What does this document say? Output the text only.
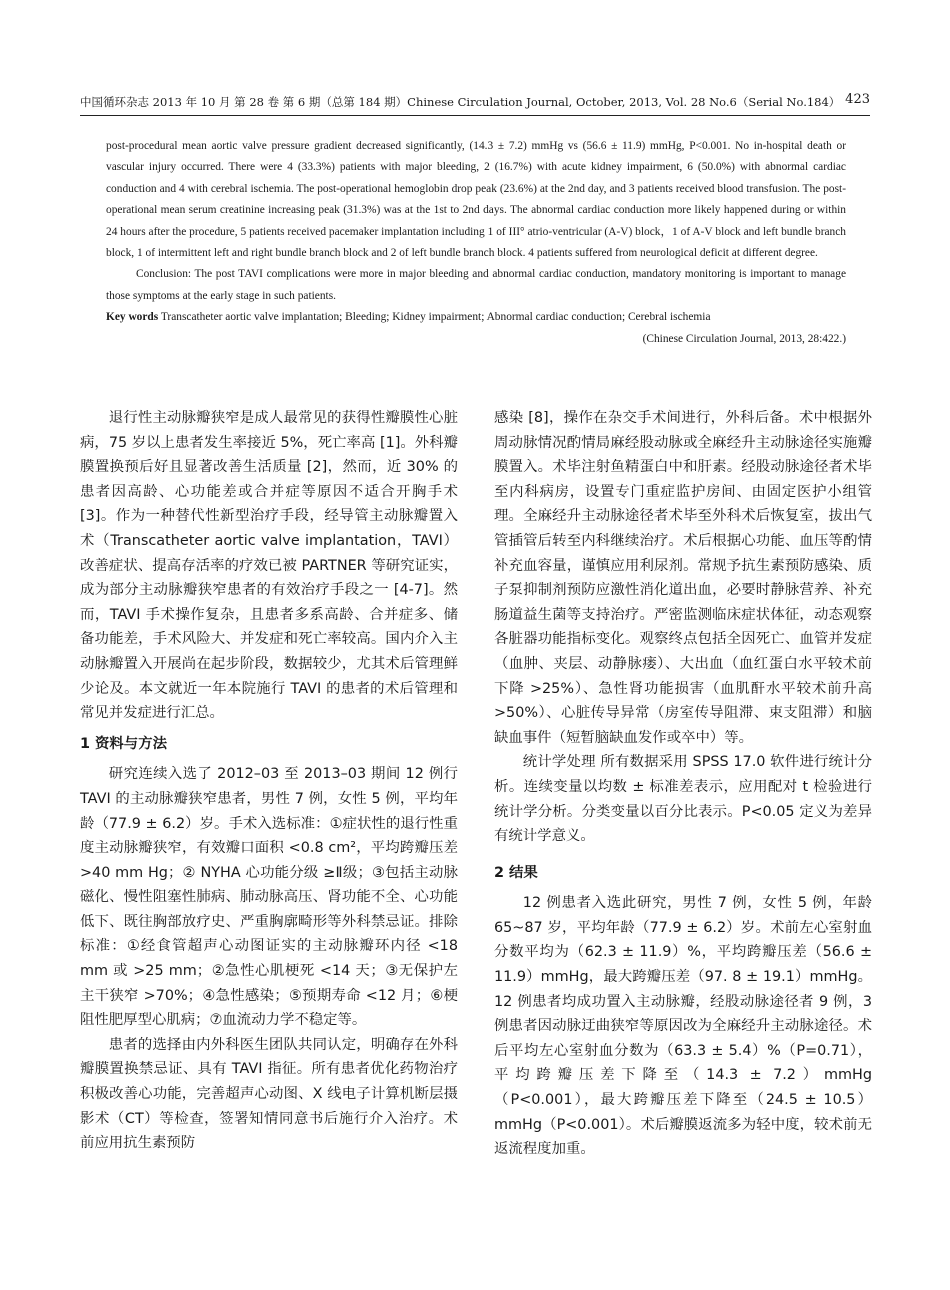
中国循环杂志 2013 年 10 月 第 28 卷 第 6 期（总第 184 期）Chinese Circulation Journal, October, 2013, Vol. 28 No.6（Serial No.184） 423

post-procedural mean aortic valve pressure gradient decreased significantly, (14.3 ± 7.2) mmHg vs (56.6 ± 11.9) mmHg, P<0.001. No in-hospital death or vascular injury occurred. There were 4 (33.3%) patients with major bleeding, 2 (16.7%) with acute kidney impairment, 6 (50.0%) with abnormal cardiac conduction and 4 with cerebral ischemia. The post-operational hemoglobin drop peak (23.6%) at the 2nd day, and 3 patients received blood transfusion. The post-operational mean serum creatinine increasing peak (31.3%) was at the 1st to 2nd days. The abnormal cardiac conduction more likely happened during or within 24 hours after the procedure, 5 patients received pacemaker implantation including 1 of III° atrio-ventricular (A-V) block，1 of A-V block and left bundle branch block, 1 of intermittent left and right bundle branch block and 2 of left bundle branch block. 4 patients suffered from neurological deficit at different degree.

Conclusion: The post TAVI complications were more in major bleeding and abnormal cardiac conduction, mandatory monitoring is important to manage those symptoms at the early stage in such patients.

Key words Transcatheter aortic valve implantation; Bleeding; Kidney impairment; Abnormal cardiac conduction; Cerebral ischemia

(Chinese Circulation Journal, 2013, 28:422.)

退行性主动脉瓣狭窄是成人最常见的获得性瓣膜性心脏病，75 岁以上患者发生率接近 5%，死亡率高 [1]。外科瓣膜置换预后好且显著改善生活质量 [2]，然而，近 30% 的患者因高龄、心功能差或合并症等原因不适合开胸手术 [3]。作为一种替代性新型治疗手段，经导管主动脉瓣置入术（Transcatheter aortic valve implantation，TAVI）改善症状、提高存活率的疗效已被 PARTNER 等研究证实，成为部分主动脉瓣狭窄患者的有效治疗手段之一 [4-7]。然而，TAVI 手术操作复杂，且患者多系高龄、合并症多、储备功能差，手术风险大、并发症和死亡率较高。国内介入主动脉瓣置入开展尚在起步阶段，数据较少，尤其术后管理鲜少论及。本文就近一年本院施行 TAVI 的患者的术后管理和常见并发症进行汇总。

1 资料与方法

研究连续入选了 2012–03 至 2013–03 期间 12 例行 TAVI 的主动脉瓣狭窄患者，男性 7 例，女性 5 例，平均年龄（77.9 ± 6.2）岁。手术入选标准：①症状性的退行性重度主动脉瓣狭窄，有效瓣口面积 <0.8 cm²，平均跨瓣压差 >40 mm Hg；② NYHA 心功能分级 ≥Ⅱ级；③包括主动脉磁化、慢性阻塞性肺病、肺动脉高压、肾功能不全、心功能低下、既往胸部放疗史、严重胸廓畸形等外科禁忌证。排除标准：①经食管超声心动图证实的主动脉瓣环内径 <18 mm 或 >25 mm；②急性心肌梗死 <14 天；③无保护左主干狭窄 >70%；④急性感染；⑤预期寿命 <12 月；⑥梗阻性肥厚型心肌病；⑦血流动力学不稳定等。

患者的选择由内外科医生团队共同认定，明确存在外科瓣膜置换禁忌证、具有 TAVI 指征。所有患者优化药物治疗积极改善心功能，完善超声心动图、X 线电子计算机断层摄影术（CT）等检查，签署知情同意书后施行介入治疗。术前应用抗生素预防

感染 [8]，操作在杂交手术间进行，外科后备。术中根据外周动脉情况酌情局麻经股动脉或全麻经升主动脉途径实施瓣膜置入。术毕注射鱼精蛋白中和肝素。经股动脉途径者术毕至内科病房，设置专门重症监护房间、由固定医护小组管理。全麻经升主动脉途径者术毕至外科术后恢复室，拔出气管插管后转至内科继续治疗。术后根据心功能、血压等酌情补充血容量，谨慎应用利尿剂。常规予抗生素预防感染、质子泵抑制剂预防应激性消化道出血，必要时静脉营养、补充肠道益生菌等支持治疗。严密监测临床症状体征，动态观察各脏器功能指标变化。观察终点包括全因死亡、血管并发症（血肿、夹层、动静脉瘘）、大出血（血红蛋白水平较术前下降 >25%）、急性肾功能损害（血肌酐水平较术前升高 >50%）、心脏传导异常（房室传导阻滞、束支阻滞）和脑缺血事件（短暂脑缺血发作或卒中）等。

统计学处理 所有数据采用 SPSS 17.0 软件进行统计分析。连续变量以均数 ± 标准差表示，应用配对 t 检验进行统计学分析。分类变量以百分比表示。P<0.05 定义为差异有统计学意义。

2 结果

12 例患者入选此研究，男性 7 例，女性 5 例，年龄 65~87 岁，平均年龄（77.9 ± 6.2）岁。术前左心室射血分数平均为（62.3 ± 11.9）%，平均跨瓣压差（56.6 ± 11.9）mmHg，最大跨瓣压差（97. 8 ± 19.1）mmHg。12 例患者均成功置入主动脉瓣，经股动脉途径者 9 例，3 例患者因动脉迂曲狭窄等原因改为全麻经升主动脉途径。术后平均左心室射血分数为（63.3 ± 5.4）%（P=0.71），平均跨瓣压差下降至（14.3 ± 7.2）mmHg（P<0.001），最大跨瓣压差下降至（24.5 ± 10.5）mmHg（P<0.001）。术后瓣膜返流多为轻中度，较术前无返流程度加重。
